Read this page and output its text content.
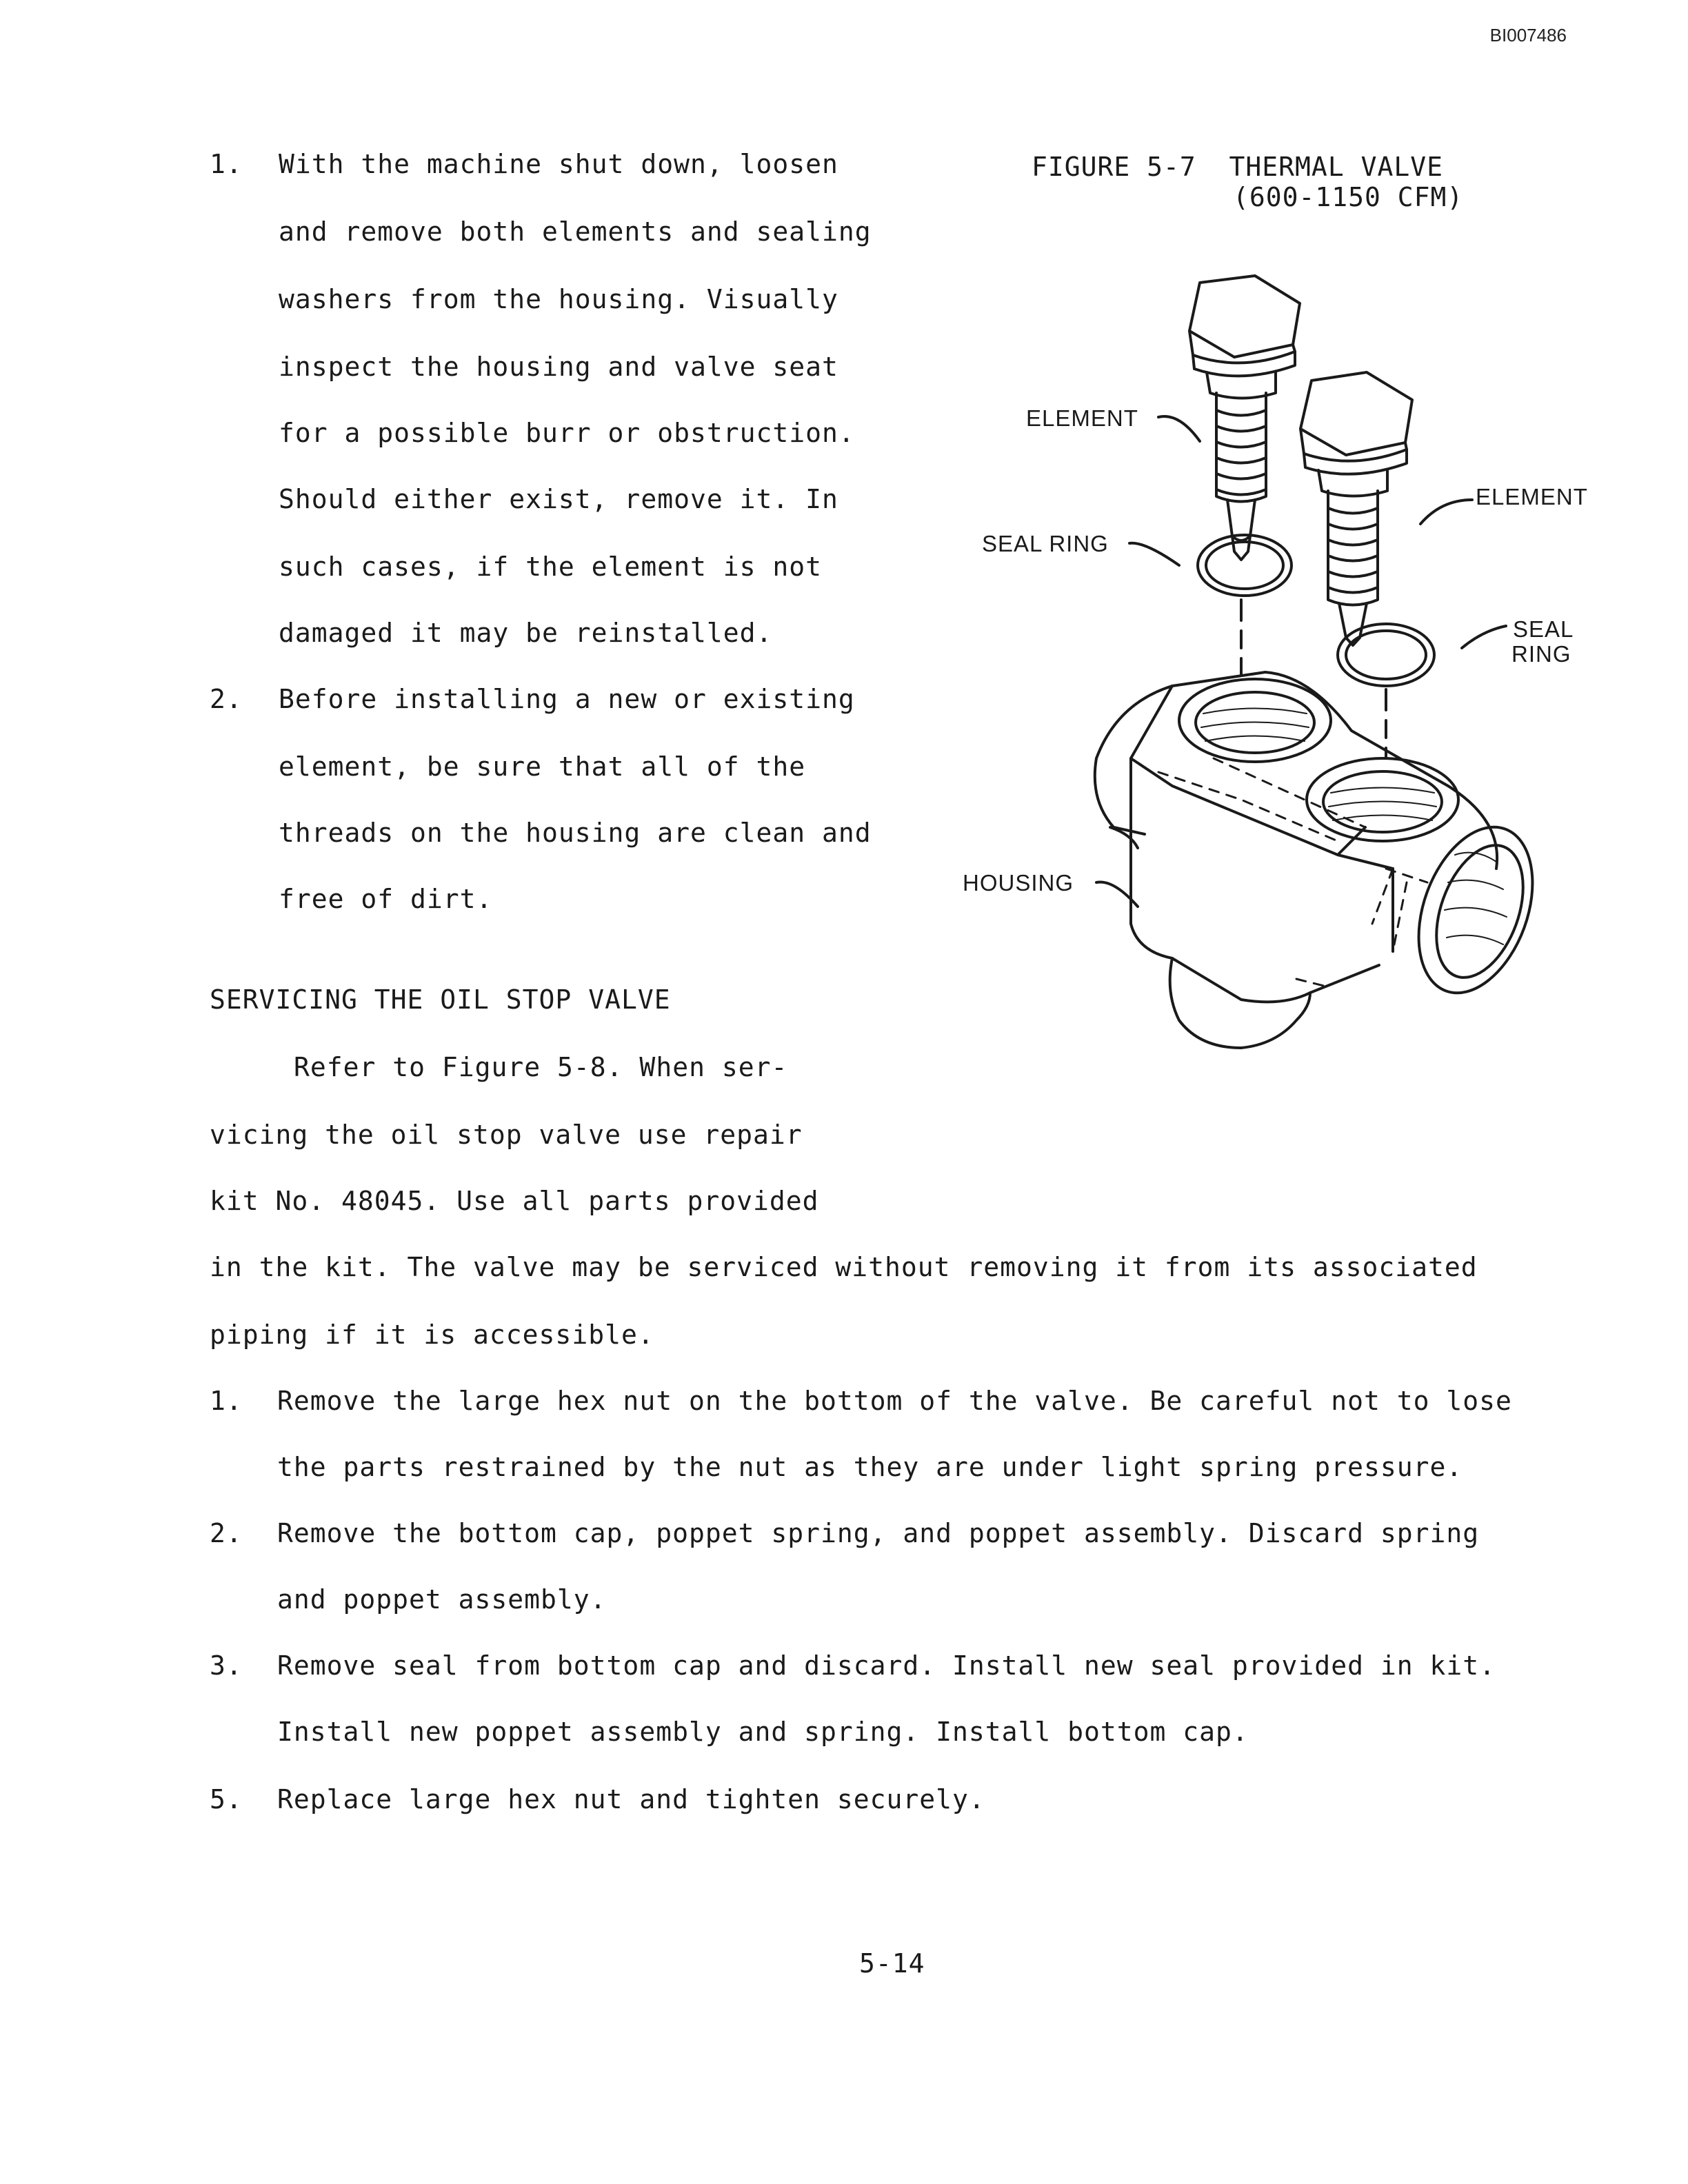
BI007486
1. With the machine shut down, loosen
and remove both elements and sealing
washers from the housing. Visually
inspect the housing and valve seat
for a possible burr or obstruction.
Should either exist, remove it. In
such cases, if the element is not
damaged it may be reinstalled.
2. Before installing a new or existing
element, be sure that all of the
threads on the housing are clean and
free of dirt.
FIGURE 5-7 THERMAL VALVE
(600-1150 CFM)
ELEMENT
SEAL RING
ELEMENT
SEAL
RING
HOUSING
SERVICING THE OIL STOP VALVE
Refer to Figure 5-8. When ser-
vicing the oil stop valve use repair
kit No. 48045. Use all parts provided
in the kit. The valve may be serviced without removing it from its associated
piping if it is accessible.
1. Remove the large hex nut on the bottom of the valve. Be careful not to lose
the parts restrained by the nut as they are under light spring pressure.
2. Remove the bottom cap, poppet spring, and poppet assembly. Discard spring
and poppet assembly.
3. Remove seal from bottom cap and discard. Install new seal provided in kit.
Install new poppet assembly and spring. Install bottom cap.
5. Replace large hex nut and tighten securely.
5-14
